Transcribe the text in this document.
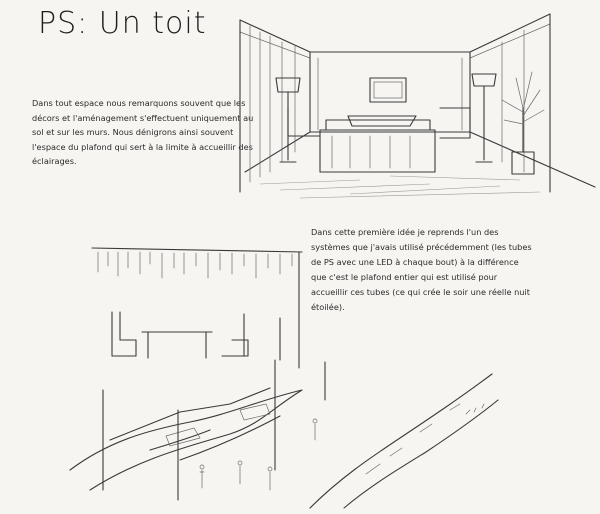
PS: Un toit

Dans tout espace nous remarquons souvent que les décors et l'aménagement s'effectuent uniquement au sol et sur les murs. Nous dénigrons ainsi souvent l'espace du plafond qui sert à la limite à accueillir des éclairages.

Dans cette première idée je reprends l'un des systèmes que j'avais utilisé précédemment (les tubes de PS avec une LED à chaque bout) à la différence que c'est le plafond entier qui est utilisé pour accueillir ces tubes (ce qui crée le soir une réelle nuit étoilée).
